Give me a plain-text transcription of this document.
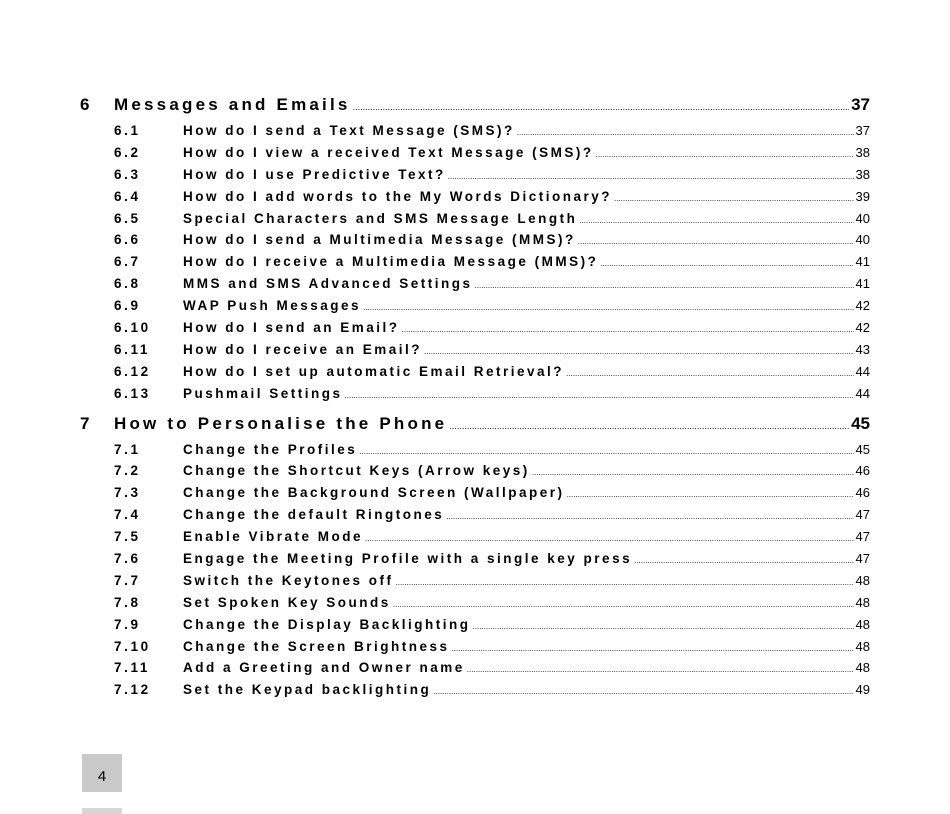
6	Messages and Emails .....	37
6.1	How do I send a Text Message (SMS)? .....	37
6.2	How do I view a received Text Message (SMS)? .....	38
6.3	How do I use Predictive Text? .....	38
6.4	How do I add words to the My Words Dictionary? .....	39
6.5	Special Characters and SMS Message Length .....	40
6.6	How do I send a Multimedia Message (MMS)? .....	40
6.7	How do I receive a Multimedia Message (MMS)? .....	41
6.8	MMS and SMS Advanced Settings .....	41
6.9	WAP Push Messages .....	42
6.10	How do I send an Email? .....	42
6.11	How do I receive an Email? .....	43
6.12	How do I set up automatic Email Retrieval? .....	44
6.13	Pushmail Settings .....	44
7	How to Personalise the Phone .....	45
7.1	Change the Profiles .....	45
7.2	Change the Shortcut Keys (Arrow keys) .....	46
7.3	Change the Background Screen (Wallpaper) .....	46
7.4	Change the default Ringtones .....	47
7.5	Enable Vibrate Mode .....	47
7.6	Engage the Meeting Profile with a single key press .....	47
7.7	Switch the Keytones off .....	48
7.8	Set Spoken Key Sounds .....	48
7.9	Change the Display Backlighting .....	48
7.10	Change the Screen Brightness .....	48
7.11	Add a Greeting and Owner name .....	48
7.12	Set the Keypad backlighting .....	49
4
